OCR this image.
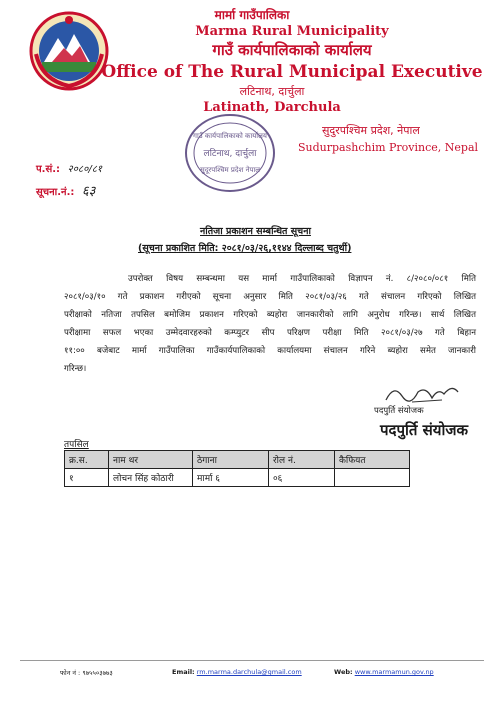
मार्मा गाउँपालिका
Marma Rural Municipality
गाउँ कार्यपालिकाको कार्यालय
Office of The Rural Municipal Executive
लटिनाथ, दार्चुला
Latinath, Darchula
गाउँ कार्यपालिकाको कार्यालय
लटिनाथ, दार्चुला
सुदूरपश्चिम प्रदेश नेपाल
सुदुरपश्चिम प्रदेश, नेपाल
Sudurpashchim Province, Nepal
प.सं.: २०८०/८१
सूचना.नं.: ६३
नतिजा प्रकाशन सम्बन्धित सूचना
(सूचना प्रकाशित मिति: २०८१/०३/२६,११४४ दिल्लाब्द चतुर्थी)
उपरोक्त विषय सम्बन्धमा यस मार्मा गाउँपालिकाको विज्ञापन नं. ८/२०८०/०८१ मिति
२०८१/०३/१० गते प्रकाशन गरीएको सूचना अनुसार मिति २०८१/०३/२६ गते संचालन गरिएको लिखित
परीक्षाको नतिजा तपसिल बमोजिम प्रकाशन गरिएको ब्यहोरा जानकारीको लागि अनुरोध गरिन्छ। सार्थ लिखित
परीक्षामा सफल भएका उम्मेदवारहरुको कम्प्युटर सीप परिक्षण परीक्षा मिति २०८१/०३/२७ गते बिहान
११:०० बजेबाट मार्मा गाउँपालिका गाउँकार्यपालिकाको कार्यालयमा संचालन गरिने ब्यहोरा समेत जानकारी
गरिन्छ।
पदपुर्ति संयोजक
पदपुर्ति संयोजक
तपसिल
क्र.स.	नाम थर	ठेगाना	रोल नं.	कैफियत
१	लोचन सिंह कोठारी	मार्मा ६	०६	
फोन नं : ९७५५०३७७३	Email: rm.marma.darchula@gmail.com	Web: www.marmamun.gov.np
